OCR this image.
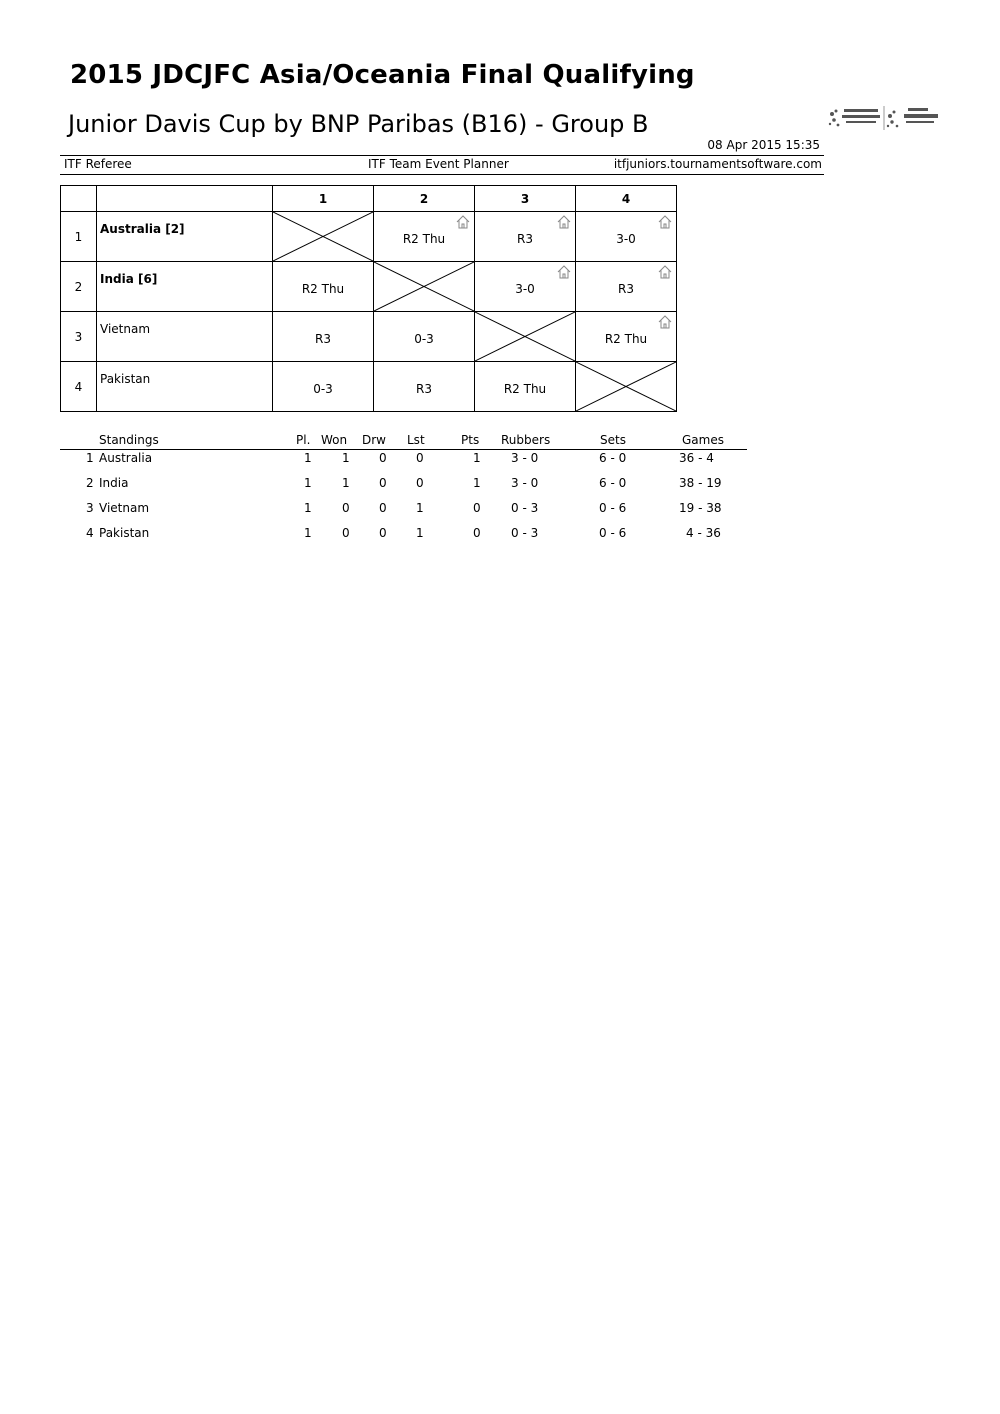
2015 JDCJFC Asia/Oceania Final Qualifying
Junior Davis Cup by BNP Paribas (B16) - Group B
08 Apr 2015 15:35
ITF Referee	ITF Team Event Planner	itfjuniors.tournamentsoftware.com
		1	2	3	4
1	Australia [2]		R2 Thu	R3	3-0
2	India [6]	R2 Thu		3-0	R3
3	Vietnam	R3	0-3		R2 Thu
4	Pakistan	0-3	R3	R2 Thu	
Standings	Pl. Won Drw Lst	Pts Rubbers	Sets	Games
1 Australia	1	1 0 0	1	3 - 0	6 - 0	36 - 4
2 India	1	1 0 0	1	3 - 0	6 - 0	38 - 19
3 Vietnam	1	0 0 1	0	0 - 3	0 - 6	19 - 38
4 Pakistan	1	0 0 1	0	0 - 3	0 - 6	4 - 36
